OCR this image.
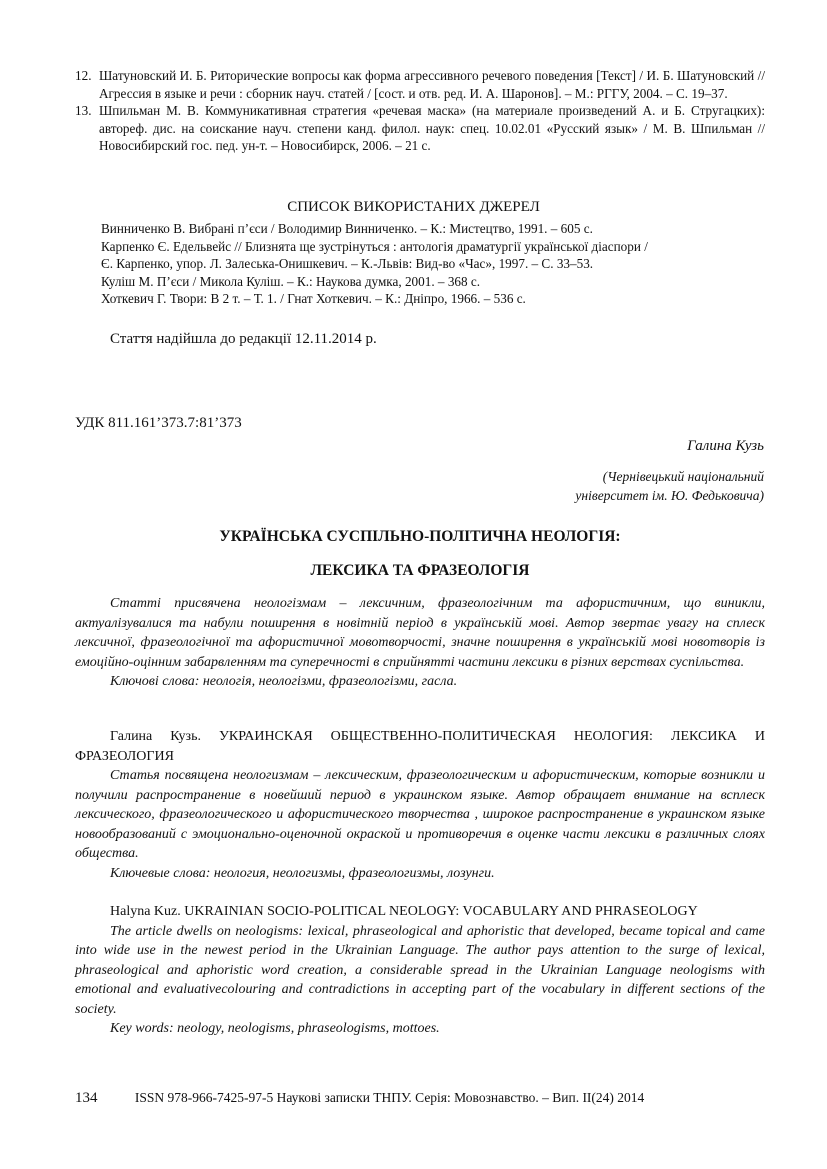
12. Шатуновский И. Б. Риторические вопросы как форма агрессивного речевого поведения [Текст] / И. Б. Шатуновский // Агрессия в языке и речи : сборник науч. статей / [сост. и отв. ред. И. А. Шаронов]. – М.: РГГУ, 2004. – С. 19–37.
13. Шпильман М. В. Коммуникативная стратегия «речевая маска» (на материале произведений А. и Б. Стругацких): автореф. дис. на соискание науч. степени канд. филол. наук: спец. 10.02.01 «Русский язык» / М. В. Шпильман // Новосибирский гос. пед. ун-т. – Новосибирск, 2006. – 21 с.
СПИСОК ВИКОРИСТАНИХ ДЖЕРЕЛ
Винниченко В. Вибрані п’єси / Володимир Винниченко. – К.: Мистецтво, 1991. – 605 с.
Карпенко Є. Едельвейс // Близнята ще зустрінуться : антологія драматургії української діаспори /
Є. Карпенко, упор. Л. Залеська-Онишкевич. – К.-Львів: Вид-во «Час», 1997. – С. 33–53.
Куліш М. П’єси / Микола Куліш. – К.: Наукова думка, 2001. – 368 с.
Хоткевич Г. Твори: В 2 т. – Т. 1. / Гнат Хоткевич. – К.: Дніпро, 1966. – 536 с.
Стаття надійшла до редакції 12.11.2014 р.
УДК 811.161’373.7:81’373
Галина Кузь
(Чернівецький національний
університет ім. Ю. Федьковича)
УКРАЇНСЬКА СУСПІЛЬНО-ПОЛІТИЧНА НЕОЛОГІЯ:
ЛЕКСИКА ТА ФРАЗЕОЛОГІЯ
Статті присвячена неологізмам – лексичним, фразеологічним та афористичним, що виникли, актуалізувалися та набули поширення в новітній період в українській мові. Автор звертає увагу на сплеск лексичної, фразеологічної та афористичної мовотворчості, значне поширення в українській мові новотворів із емоційно-оцінним забарвленням та суперечності в сприйнятті частини лексики в різних верствах суспільства.
Ключові слова: неологія, неологізми, фразеологізми, гасла.
Галина Кузь. УКРАИНСКАЯ ОБЩЕСТВЕННО-ПОЛИТИЧЕСКАЯ НЕОЛОГИЯ: ЛЕКСИКА И ФРАЗЕОЛОГИЯ
Статья посвящена неологизмам – лексическим, фразеологическим и афористическим, которые возникли и получили распространение в новейший период в украинском языке. Автор обращает внимание на всплеск лексического, фразеологического и афористического творчества , широкое распространение в украинском языке новообразований с эмоционально-оценочной окраской и противоречия в оценке части лексики в различных слоях общества.
Ключевые слова: неология, неологизмы, фразеологизмы, лозунги.
Halyna Kuz. UKRAINIAN SOCIO-POLITICAL NEOLOGY: VOCABULARY AND PHRASEOLOGY
The article dwells on neologisms: lexical, phraseological and aphoristic that developed, became topical and came into wide use in the newest period in the Ukrainian Language. The author pays attention to the surge of lexical, phraseological and aphoristic word creation, a considerable spread in the Ukrainian Language neologisms with emotional and evaluativecolouring and contradictions in accepting part of the vocabulary in different sections of the society.
Key words: neology, neologisms, phraseologisms, mottoes.
134	ISSN 978-966-7425-97-5 Наукові записки ТНПУ. Серія: Мовознавство. – Вип. ІІ(24) 2014
